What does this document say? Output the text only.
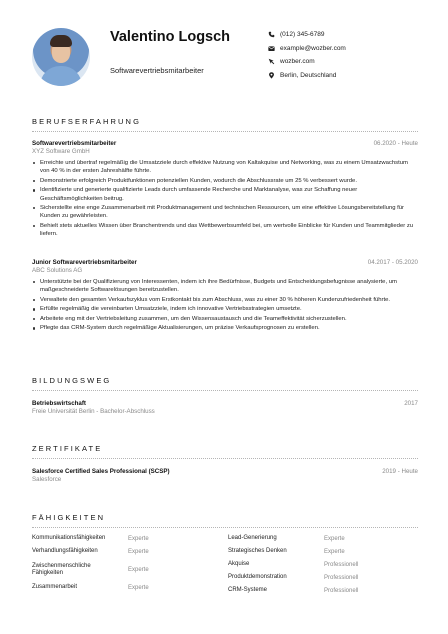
Valentino Logsch
Softwarevertriebsmitarbeiter
(012) 345-6789
example@wozber.com
wozber.com
Berlin, Deutschland
BERUFSERFAHRUNG
Softwarevertriebsmitarbeiter	06.2020 - Heute
XYZ Software GmbH
Erreichte und übertraf regelmäßig die Umsatzziele durch effektive Nutzung von Kaltakquise und Networking, was zu einem Umsatzwachstum von 40 % in der ersten Jahreshälfte führte.
Demonstrierte erfolgreich Produktfunktionen potenziellen Kunden, wodurch die Abschlussrate um 25 % verbessert wurde.
Identifizierte und generierte qualifizierte Leads durch umfassende Recherche und Marktanalyse, was zur Schaffung neuer Geschäftsmöglichkeiten beitrug.
Sicherstellte eine enge Zusammenarbeit mit Produktmanagement und technischen Ressourcen, um eine effektive Lösungsbereitstellung für Kunden zu gewährleisten.
Behielt stets aktuelles Wissen über Branchentrends und das Wettbewerbsumfeld bei, um wertvolle Einblicke für Kunden und Teammitglieder zu liefern.
Junior Softwarevertriebsmitarbeiter	04.2017 - 05.2020
ABC Solutions AG
Unterstützte bei der Qualifizierung von Interessenten, indem ich ihre Bedürfnisse, Budgets und Entscheidungsbefugnisse analysierte, um maßgeschneiderte Softwarelösungen bereitzustellen.
Verwaltete den gesamten Verkaufszyklus vom Erstkontakt bis zum Abschluss, was zu einer 30 % höheren Kundenzufriedenheit führte.
Erfüllte regelmäßig die vereinbarten Umsatzziele, indem ich innovative Vertriebsstrategien umsetzte.
Arbeitete eng mit der Vertriebsleitung zusammen, um den Wissensaustausch und die Teameffektivität sicherzustellen.
Pflegte das CRM-System durch regelmäßige Aktualisierungen, um präzise Verkaufsprognosen zu erstellen.
BILDUNGSWEG
Betriebswirtschaft	2017
Freie Universität Berlin - Bachelor-Abschluss
ZERTIFIKATE
Salesforce Certified Sales Professional (SCSP)	2019 - Heute
Salesforce
FÄHIGKEITEN
Kommunikationsfähigkeiten	Experte
Verhandlungsfähigkeiten	Experte
Zwischenmenschliche Fähigkeiten	Experte
Zusammenarbeit	Experte
Lead-Generierung	Experte
Strategisches Denken	Experte
Akquise	Professionell
Produktdemonstration	Professionell
CRM-Systeme	Professionell
